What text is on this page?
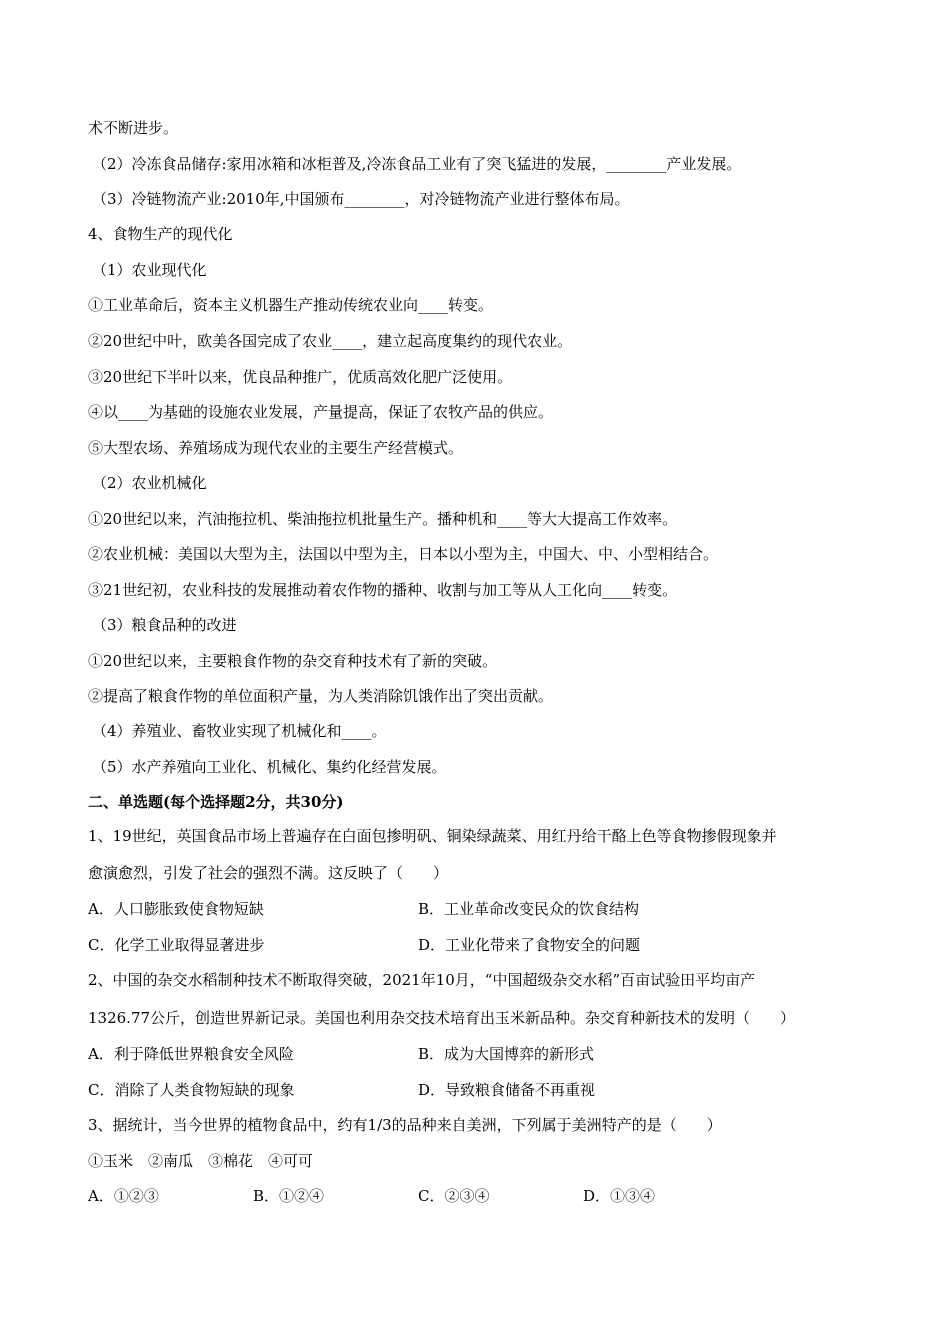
术不断进步。
（2）冷冻食品储存:家用冰箱和冰柜普及,冷冻食品工业有了突飞猛进的发展，________产业发展。
（3）冷链物流产业:2010年,中国颁布________，对冷链物流产业进行整体布局。
4、食物生产的现代化
（1）农业现代化
①工业革命后，资本主义机器生产推动传统农业向____转变。
②20世纪中叶，欧美各国完成了农业____，建立起高度集约的现代农业。
③20世纪下半叶以来，优良品种推广，优质高效化肥广泛使用。
④以____为基础的设施农业发展，产量提高，保证了农牧产品的供应。
⑤大型农场、养殖场成为现代农业的主要生产经营模式。
（2）农业机械化
①20世纪以来，汽油拖拉机、柴油拖拉机批量生产。播种机和____等大大提高工作效率。
②农业机械：美国以大型为主，法国以中型为主，日本以小型为主，中国大、中、小型相结合。
③21世纪初，农业科技的发展推动着农作物的播种、收割与加工等从人工化向____转变。
（3）粮食品种的改进
①20世纪以来，主要粮食作物的杂交育种技术有了新的突破。
②提高了粮食作物的单位面积产量，为人类消除饥饿作出了突出贡献。
（4）养殖业、畜牧业实现了机械化和____。
（5）水产养殖向工业化、机械化、集约化经营发展。
二、单选题(每个选择题2分，共30分)
1、19世纪，英国食品市场上普遍存在白面包掺明矾、铜染绿蔬菜、用红丹给干酪上色等食物掺假现象并
愈演愈烈，引发了社会的强烈不满。这反映了（　　）
A．人口膨胀致使食物短缺	B．工业革命改变民众的饮食结构
C．化学工业取得显著进步	D．工业化带来了食物安全的问题
2、中国的杂交水稻制种技术不断取得突破，2021年10月，“中国超级杂交水稻”百亩试验田平均亩产
1326.77公斤，创造世界新记录。美国也利用杂交技术培育出玉米新品种。杂交育种新技术的发明（　　）
A．利于降低世界粮食安全风险	B．成为大国博弈的新形式
C．消除了人类食物短缺的现象	D．导致粮食储备不再重视
3、据统计，当今世界的植物食品中，约有1/3的品种来自美洲，下列属于美洲特产的是（　　）
①玉米　②南瓜　③棉花　④可可
A．①②③	B．①②④	C．②③④	D．①③④
